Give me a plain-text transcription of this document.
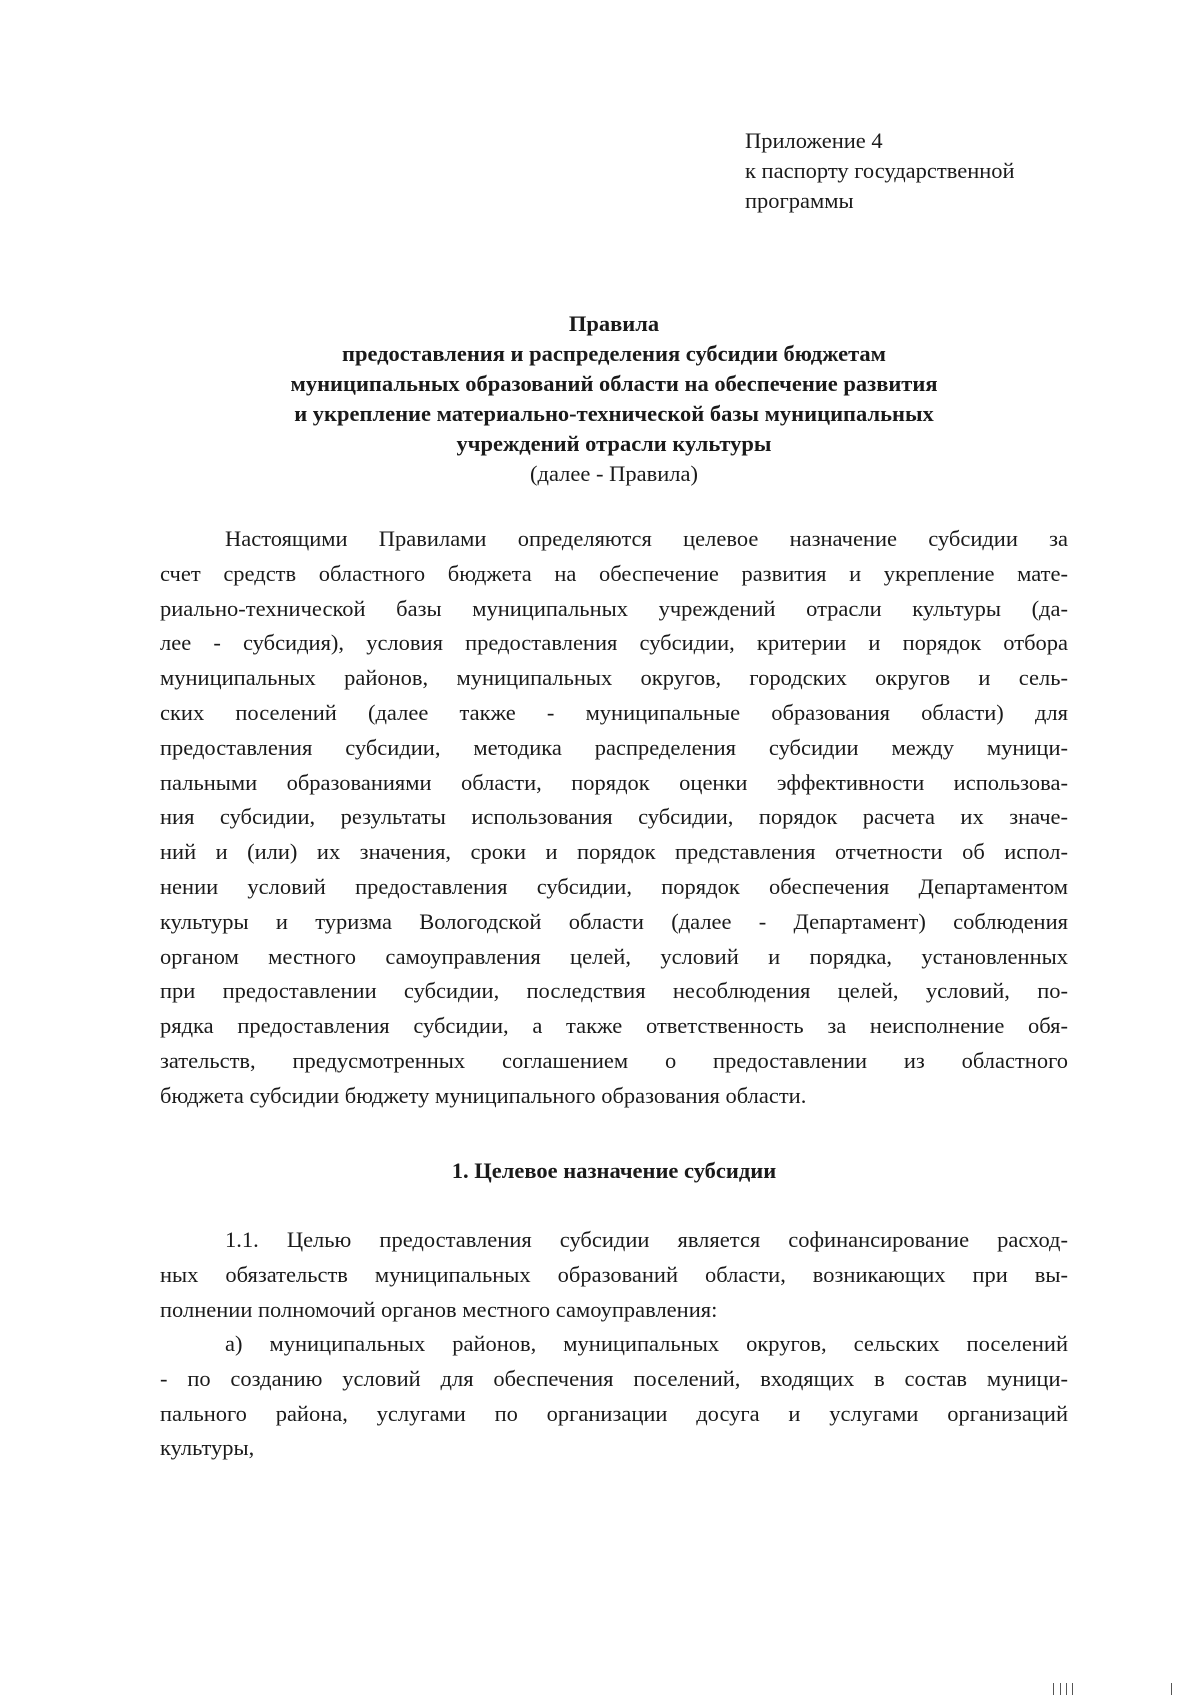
Приложение 4
к паспорту государственной
программы
Правила
предоставления и распределения субсидии бюджетам
муниципальных образований области на обеспечение развития
и укрепление материально-технической базы муниципальных
учреждений отрасли культуры
(далее - Правила)
Настоящими Правилами определяются целевое назначение субсидии за
счет средств областного бюджета на обеспечение развития и укрепление мате-
риально-технической базы муниципальных учреждений отрасли культуры (да-
лее - субсидия), условия предоставления субсидии, критерии и порядок отбора
муниципальных районов, муниципальных округов, городских округов и сель-
ских поселений (далее также - муниципальные образования области) для
предоставления субсидии, методика распределения субсидии между муници-
пальными образованиями области, порядок оценки эффективности использова-
ния субсидии, результаты использования субсидии, порядок расчета их значе-
ний и (или) их значения, сроки и порядок представления отчетности об испол-
нении условий предоставления субсидии, порядок обеспечения Департаментом
культуры и туризма Вологодской области (далее - Департамент) соблюдения
органом местного самоуправления целей, условий и порядка, установленных
при предоставлении субсидии, последствия несоблюдения целей, условий, по-
рядка предоставления субсидии, а также ответственность за неисполнение обя-
зательств, предусмотренных соглашением о предоставлении из областного
бюджета субсидии бюджету муниципального образования области.
1. Целевое назначение субсидии
1.1. Целью предоставления субсидии является софинансирование расход-
ных обязательств муниципальных образований области, возникающих при вы-
полнении полномочий органов местного самоуправления:
а) муниципальных районов, муниципальных округов, сельских поселений
- по созданию условий для обеспечения поселений, входящих в состав муници-
пального района, услугами по организации досуга и услугами организаций
культуры,
